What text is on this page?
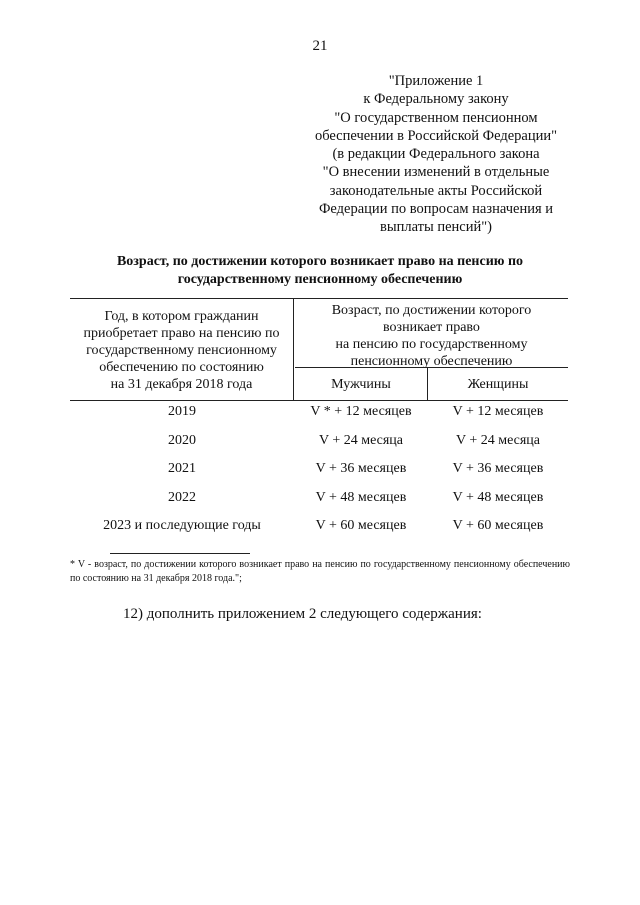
21
"Приложение 1
к Федеральному закону
"О государственном пенсионном
обеспечении в Российской Федерации"
(в редакции Федерального закона
"О внесении изменений в отдельные
законодательные акты Российской
Федерации по вопросам назначения и
выплаты пенсий")
Возраст, по достижении которого возникает право на пенсию по
государственному пенсионному обеспечению
Год, в котором гражданин
приобретает право на пенсию по
государственному пенсионному
обеспечению по состоянию
на 31 декабря 2018 года
Возраст, по достижении которого
возникает право
на пенсию по государственному
пенсионному обеспечению
Мужчины	Женщины
2019	V * + 12 месяцев	V + 12 месяцев
2020	V + 24 месяца	V + 24 месяца
2021	V + 36 месяцев	V + 36 месяцев
2022	V + 48 месяцев	V + 48 месяцев
2023 и последующие годы	V + 60 месяцев	V + 60 месяцев
* V - возраст, по достижении которого возникает право на пенсию по государственному пенсионному обеспечению по состоянию на 31 декабря 2018 года.";
12) дополнить приложением 2 следующего содержания:
